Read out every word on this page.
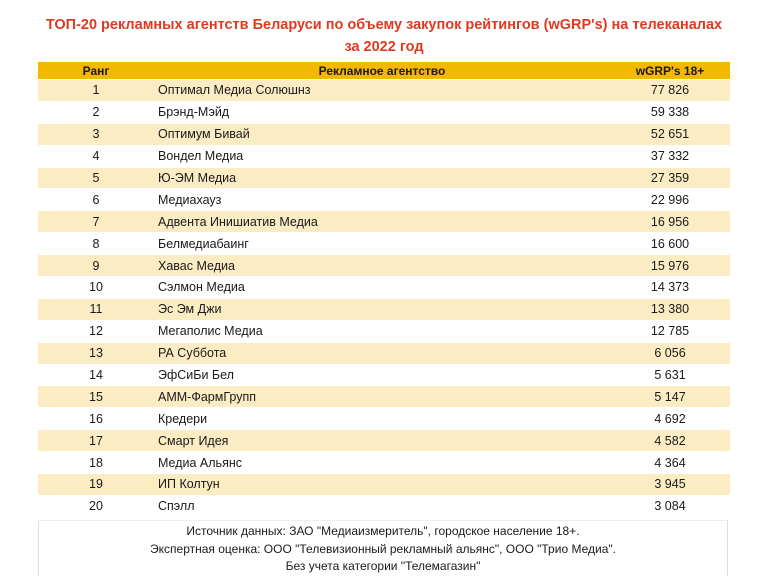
ТОП-20 рекламных агентств Беларуси по объему закупок рейтингов (wGRP's) на телеканалах
за 2022 год
Ранг	Рекламное агентство	wGRP's 18+
1	Оптимал Медиа Солюшнз	77 826
2	Брэнд-Мэйд	59 338
3	Оптимум Бивай	52 651
4	Вондел Медиа	37 332
5	Ю-ЭМ Медиа	27 359
6	Медиахауз	22 996
7	Адвента Инишиатив Медиа	16 956
8	Белмедиабаинг	16 600
9	Хавас Медиа	15 976
10	Сэлмон Медиа	14 373
11	Эс Эм Джи	13 380
12	Мегаполис Медиа	12 785
13	РА Суббота	6 056
14	ЭфСиБи Бел	5 631
15	АММ-ФармГрупп	5 147
16	Кредери	4 692
17	Смарт Идея	4 582
18	Медиа Альянс	4 364
19	ИП Колтун	3 945
20	Спэлл	3 084
Источник данных: ЗАО "Медиаизмеритель", городское население 18+.
Экспертная оценка: ООО "Телевизионный рекламный альянс", ООО "Трио Медиа".
Без учета категории "Телемагазин"
